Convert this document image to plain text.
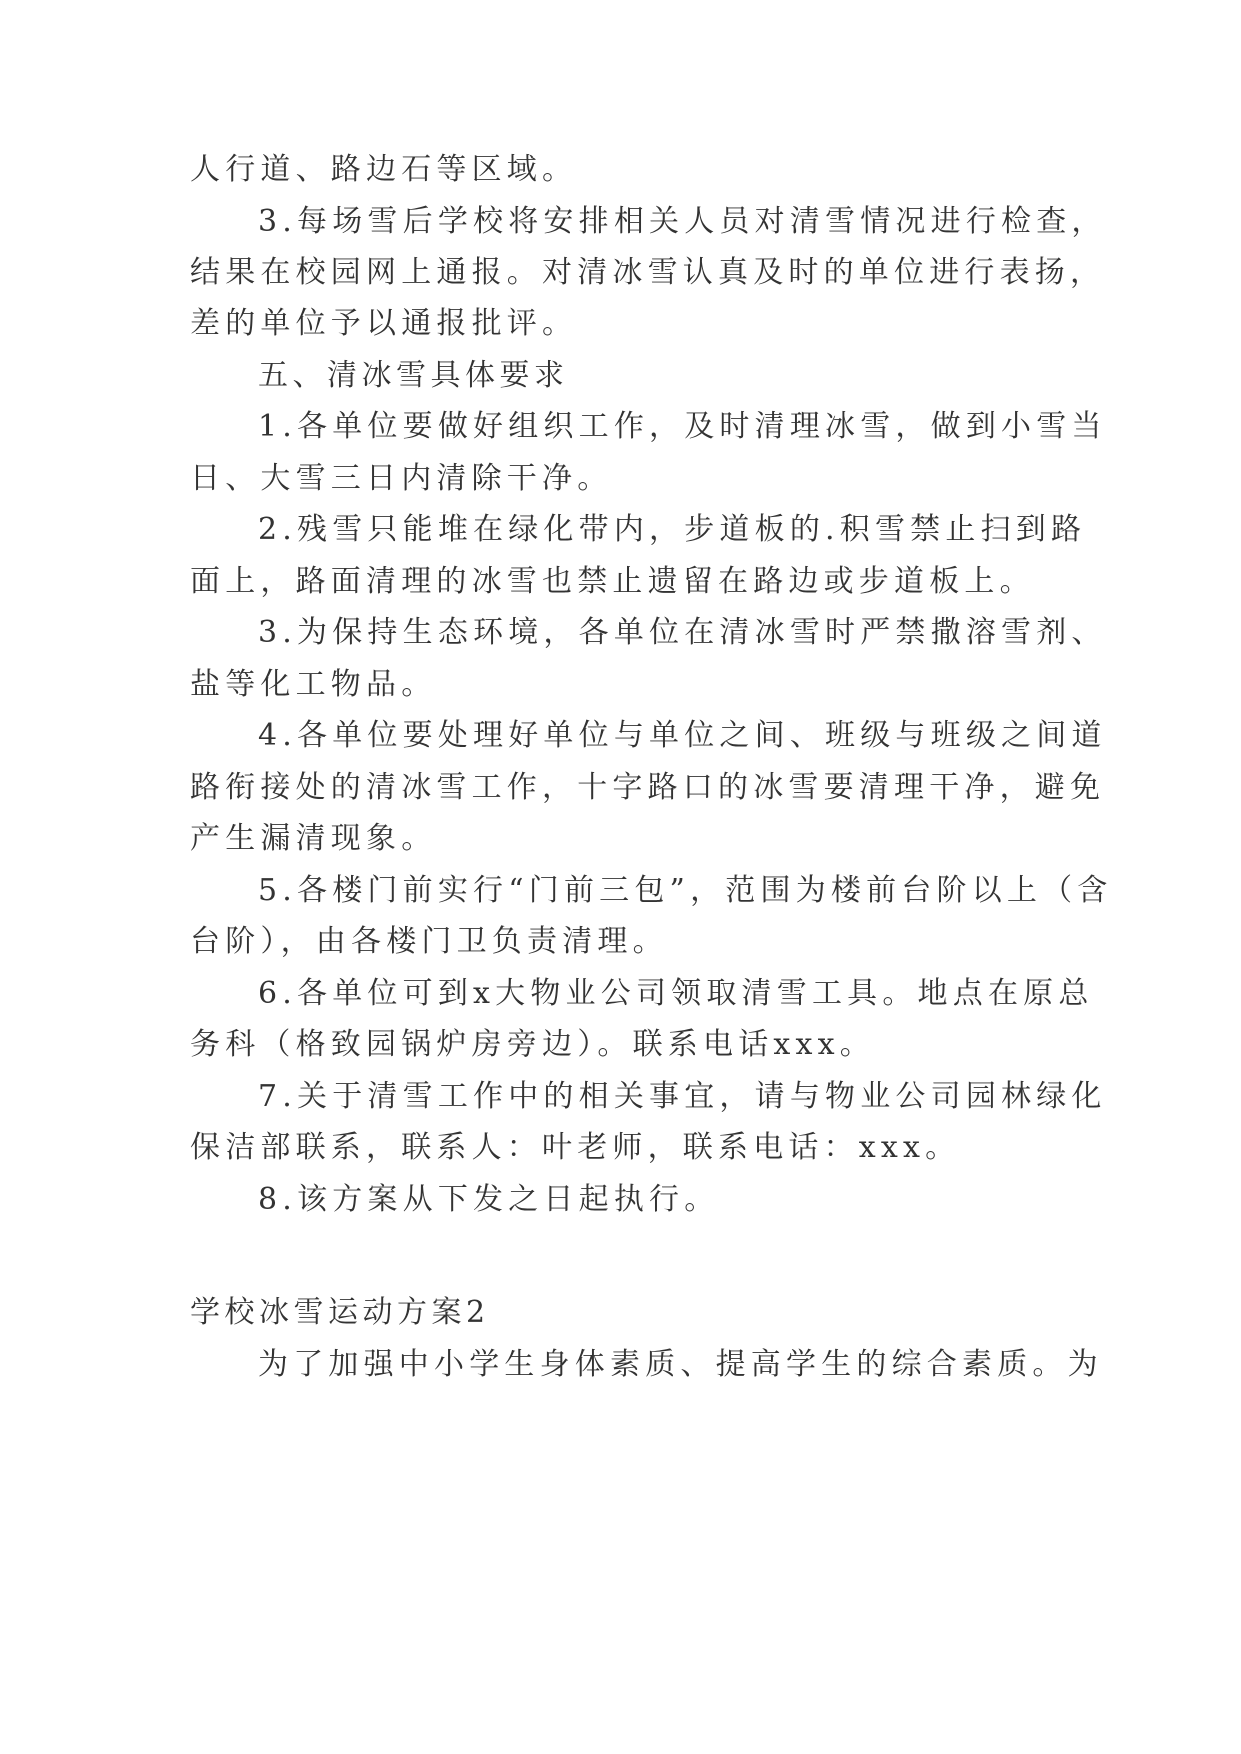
人行道、路边石等区域。
3.每场雪后学校将安排相关人员对清雪情况进行检查，
结果在校园网上通报。对清冰雪认真及时的单位进行表扬，
差的单位予以通报批评。
五、清冰雪具体要求
1.各单位要做好组织工作，及时清理冰雪，做到小雪当
日、大雪三日内清除干净。
2.残雪只能堆在绿化带内，步道板的.积雪禁止扫到路
面上，路面清理的冰雪也禁止遗留在路边或步道板上。
3.为保持生态环境，各单位在清冰雪时严禁撒溶雪剂、
盐等化工物品。
4.各单位要处理好单位与单位之间、班级与班级之间道
路衔接处的清冰雪工作，十字路口的冰雪要清理干净，避免
产生漏清现象。
5.各楼门前实行“门前三包”，范围为楼前台阶以上（含
台阶），由各楼门卫负责清理。
6.各单位可到x大物业公司领取清雪工具。地点在原总
务科（格致园锅炉房旁边）。联系电话xxx。
7.关于清雪工作中的相关事宜，请与物业公司园林绿化
保洁部联系，联系人：叶老师，联系电话：xxx。
8.该方案从下发之日起执行。
学校冰雪运动方案2
为了加强中小学生身体素质、提高学生的综合素质。为
